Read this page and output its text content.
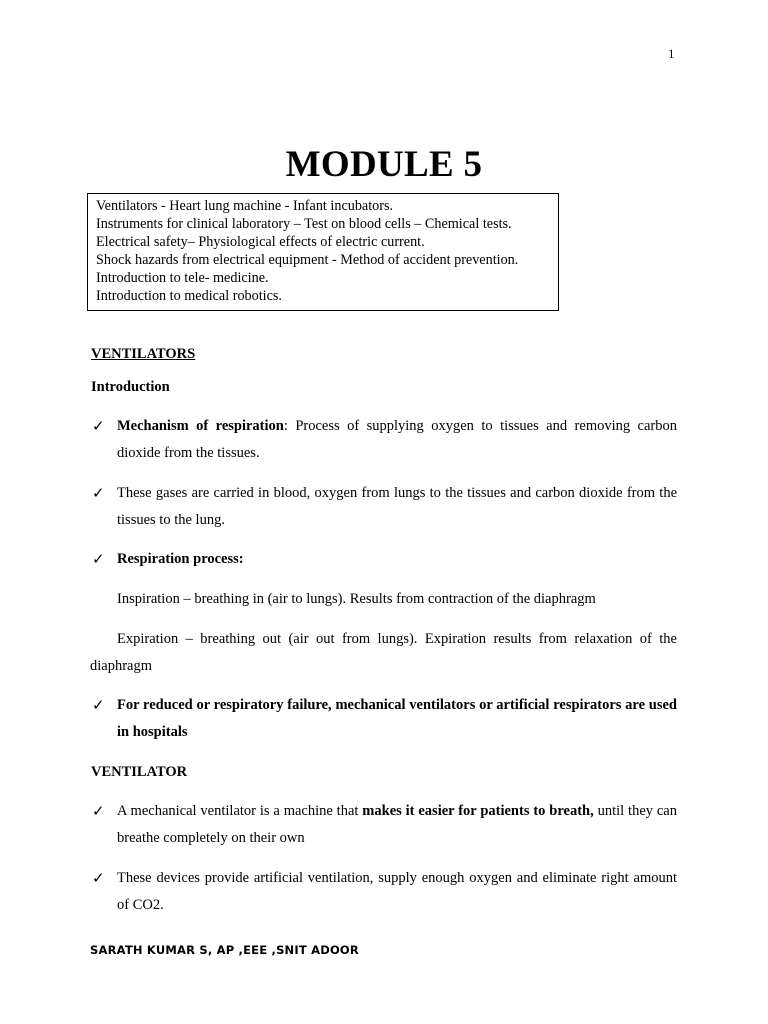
1
MODULE 5
Ventilators - Heart lung machine - Infant incubators.
Instruments for clinical laboratory – Test on blood cells – Chemical tests.
Electrical safety– Physiological effects of electric current.
Shock hazards from electrical equipment - Method of accident prevention.
Introduction to tele- medicine.
Introduction to medical robotics.
VENTILATORS
Introduction
✓ Mechanism of respiration: Process of supplying oxygen to tissues and removing carbon dioxide from the tissues.
✓ These gases are carried in blood, oxygen from lungs to the tissues and carbon dioxide from the tissues to the lung.
✓ Respiration process:
Inspiration – breathing in (air to lungs). Results from contraction of the diaphragm
Expiration – breathing out (air out from lungs). Expiration results from relaxation of the diaphragm
✓ For reduced or respiratory failure, mechanical ventilators or artificial respirators are used in hospitals
VENTILATOR
✓ A mechanical ventilator is a machine that makes it easier for patients to breath, until they can breathe completely on their own
✓ These devices provide artificial ventilation, supply enough oxygen and eliminate right amount of CO2.
SARATH KUMAR S, AP ,EEE ,SNIT ADOOR
